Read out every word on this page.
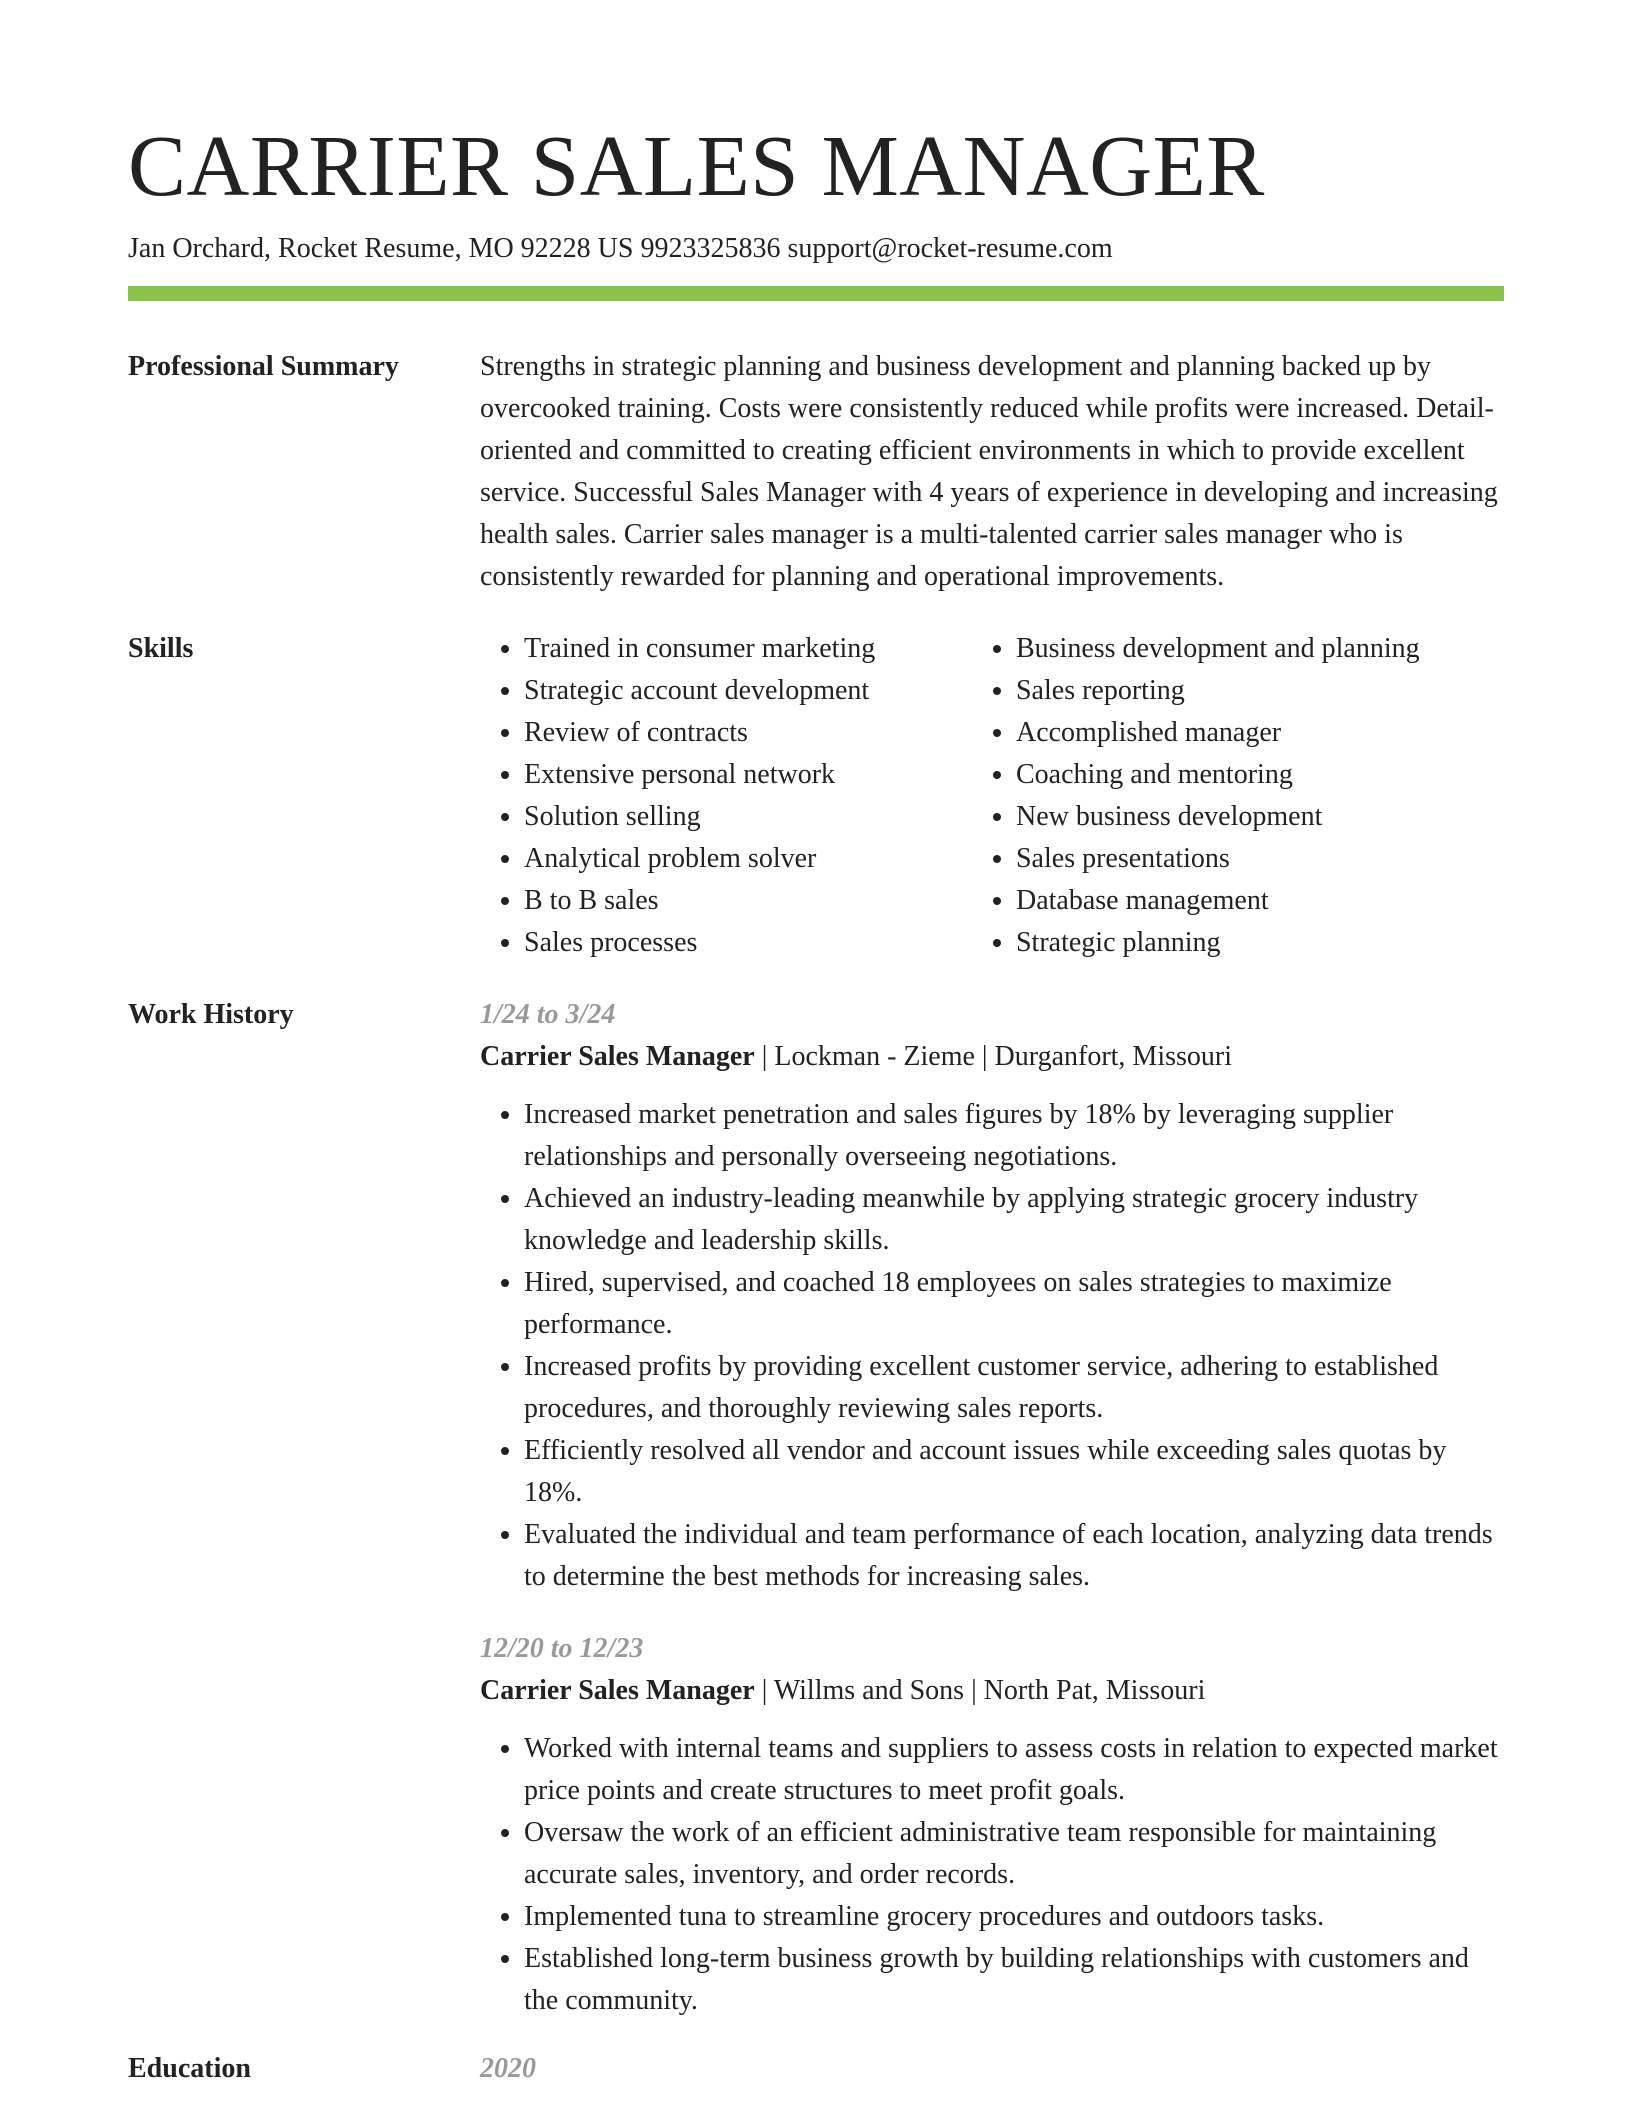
CARRIER SALES MANAGER
Jan Orchard, Rocket Resume, MO 92228 US 9923325836 support@rocket-resume.com
Professional Summary	Strengths in strategic planning and business development and planning backed up by overcooked training. Costs were consistently reduced while profits were increased. Detail-oriented and committed to creating efficient environments in which to provide excellent service. Successful Sales Manager with 4 years of experience in developing and increasing health sales. Carrier sales manager is a multi-talented carrier sales manager who is consistently rewarded for planning and operational improvements.

Skills
•	Trained in consumer marketing
• Strategic account development
• Review of contracts
• Extensive personal network
• Solution selling
• Analytical problem solver
• B to B sales
• Sales processes
• Business development and planning
• Sales reporting
• Accomplished manager
• Coaching and mentoring
• New business development
• Sales presentations
• Database management
• Strategic planning
Work History	1/24 to 3/24
Carrier Sales Manager | Lockman - Zieme | Durganfort, Missouri
• Increased market penetration and sales figures by 18% by leveraging supplier relationships and personally overseeing negotiations.
• Achieved an industry-leading meanwhile by applying strategic grocery industry knowledge and leadership skills.
• Hired, supervised, and coached 18 employees on sales strategies to maximize performance.
• Increased profits by providing excellent customer service, adhering to established procedures, and thoroughly reviewing sales reports.
• Efficiently resolved all vendor and account issues while exceeding sales quotas by 18%.
• Evaluated the individual and team performance of each location, analyzing data trends to determine the best methods for increasing sales.
12/20 to 12/23
Carrier Sales Manager | Willms and Sons | North Pat, Missouri
• Worked with internal teams and suppliers to assess costs in relation to expected market price points and create structures to meet profit goals.
• Oversaw the work of an efficient administrative team responsible for maintaining accurate sales, inventory, and order records.
• Implemented tuna to streamline grocery procedures and outdoors tasks.
• Established long-term business growth by building relationships with customers and the community.
Education	2020
